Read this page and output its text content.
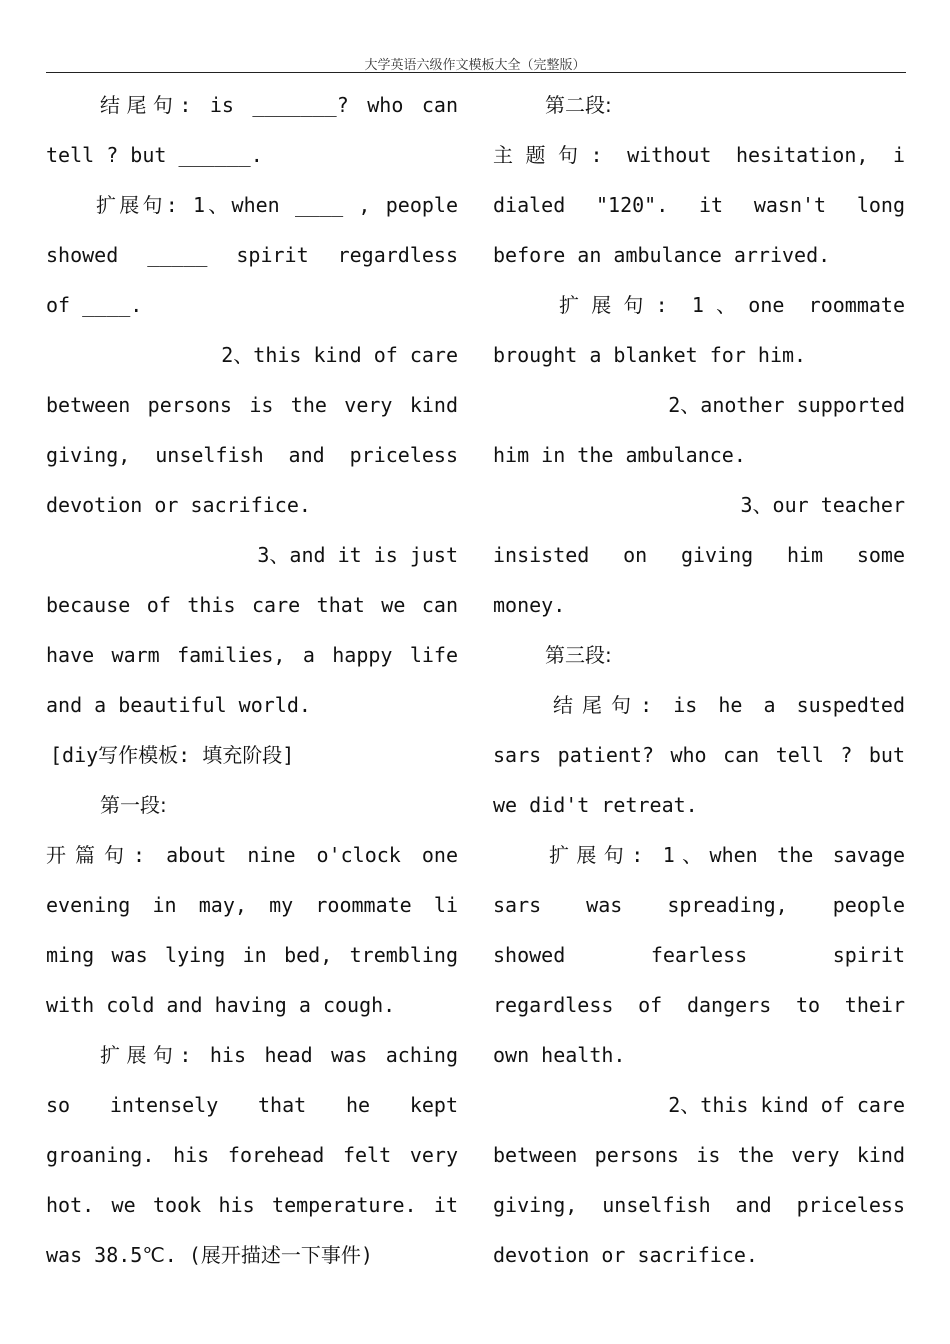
大学英语六级作文模板大全（完整版）
结尾句: is _______? who can
tell ? but ______.
扩展句: 1、when ____ , people
showed _____ spirit regardless
of ____.
2、this kind of care
between persons is the very kind
giving, unselfish and priceless
devotion or sacrifice.
3、and it is just
because of this care that we can
have warm families, a happy life
and a beautiful world.
[diy写作模板: 填充阶段]
第一段:
开篇句: about nine o'clock one
evening in may, my roommate li
ming was lying in bed, trembling
with cold and having a cough.
扩展句: his head was aching
so intensely that he kept
groaning. his forehead felt very
hot. we took his temperature. it
was 38.5℃. (展开描述一下事件)
第二段:
主题句: without hesitation, i
dialed "120". it wasn't long
before an ambulance arrived.
扩展句: 1、one roommate
brought a blanket for him.
2、another supported
him in the ambulance.
3、our teacher
insisted on giving him some
money.
第三段:
结尾句: is he a suspedted
sars patient? who can tell ? but
we did't retreat.
扩展句: 1、when the savage
sars was spreading, people
showed fearless spirit
regardless of dangers to their
own health.
2、this kind of care
between persons is the very kind
giving, unselfish and priceless
devotion or sacrifice.
